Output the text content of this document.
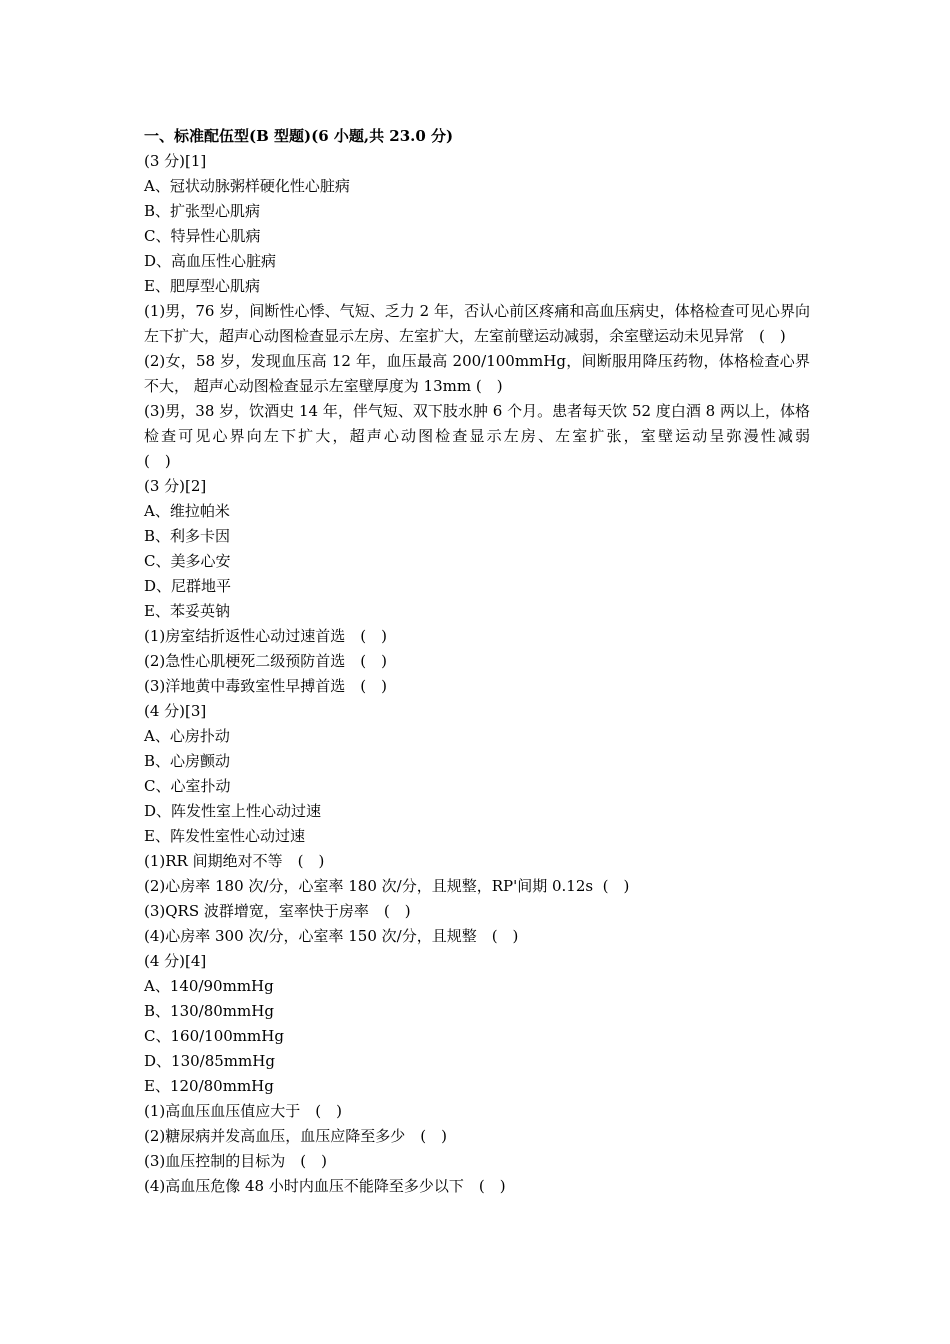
一、标准配伍型(B 型题)(6 小题,共 23.0 分)
(3 分)[1]
A、冠状动脉粥样硬化性心脏病
B、扩张型心肌病
C、特异性心肌病
D、高血压性心脏病
E、肥厚型心肌病
(1)男，76 岁，间断性心悸、气短、乏力 2 年，否认心前区疼痛和高血压病史，体格检查可见心界向左下扩大，超声心动图检查显示左房、左室扩大，左室前壁运动减弱，余室壁运动未见异常　(　)
(2)女，58 岁，发现血压高 12 年，血压最高 200/100mmHg，间断服用降压药物，体格检查心界不大， 超声心动图检查显示左室壁厚度为 13mm (　)
(3)男，38 岁，饮酒史 14 年，伴气短、双下肢水肿 6 个月。患者每天饮 52 度白酒 8 两以上，体格检查可见心界向左下扩大，超声心动图检查显示左房、左室扩张，室壁运动呈弥漫性减弱　　　　(　)
(3 分)[2]
A、维拉帕米
B、利多卡因
C、美多心安
D、尼群地平
E、苯妥英钠
(1)房室结折返性心动过速首选　(　)
(2)急性心肌梗死二级预防首选　(　)
(3)洋地黄中毒致室性早搏首选　(　)
(4 分)[3]
A、心房扑动
B、心房颤动
C、心室扑动
D、阵发性室上性心动过速
E、阵发性室性心动过速
(1)RR 间期绝对不等　(　)
(2)心房率 180 次/分，心室率 180 次/分，且规整，RP'间期 0.12s  (　)
(3)QRS 波群增宽，室率快于房率　(　)
(4)心房率 300 次/分，心室率 150 次/分，且规整　(　)
(4 分)[4]
A、140/90mmHg
B、130/80mmHg
C、160/100mmHg
D、130/85mmHg
E、120/80mmHg
(1)高血压血压值应大于　(　)
(2)糖尿病并发高血压，血压应降至多少　(　)
(3)血压控制的目标为　(　)
(4)高血压危像 48 小时内血压不能降至多少以下　(　)
